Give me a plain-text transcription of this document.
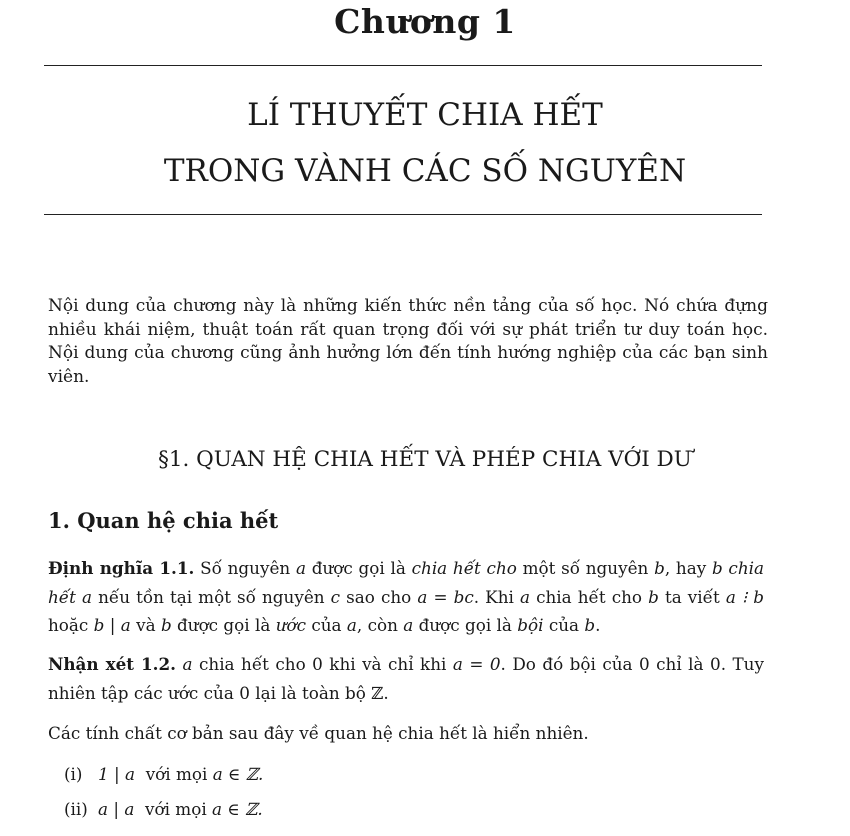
Chương 1
LÍ THUYẾT CHIA HẾT
TRONG VÀNH CÁC SỐ NGUYÊN
Nội dung của chương này là những kiến thức nền tảng của số học. Nó chứa đựng nhiều khái niệm, thuật toán rất quan trọng đối với sự phát triển tư duy toán học. Nội dung của chương cũng ảnh hưởng lớn đến tính hướng nghiệp của các bạn sinh viên.
§1. QUAN HỆ CHIA HẾT VÀ PHÉP CHIA VỚI DƯ
1. Quan hệ chia hết
Định nghĩa 1.1. Số nguyên a được gọi là chia hết cho một số nguyên b, hay b chia hết a nếu tồn tại một số nguyên c sao cho a = bc. Khi a chia hết cho b ta viết a ⁝ b hoặc b | a và b được gọi là ước của a, còn a được gọi là bội của b.
Nhận xét 1.2. a chia hết cho 0 khi và chỉ khi a = 0. Do đó bội của 0 chỉ là 0. Tuy nhiên tập các ước của 0 lại là toàn bộ ℤ.
Các tính chất cơ bản sau đây về quan hệ chia hết là hiển nhiên.
(i) 1 | a với mọi a ∈ ℤ.
(ii) a | a với mọi a ∈ ℤ.
